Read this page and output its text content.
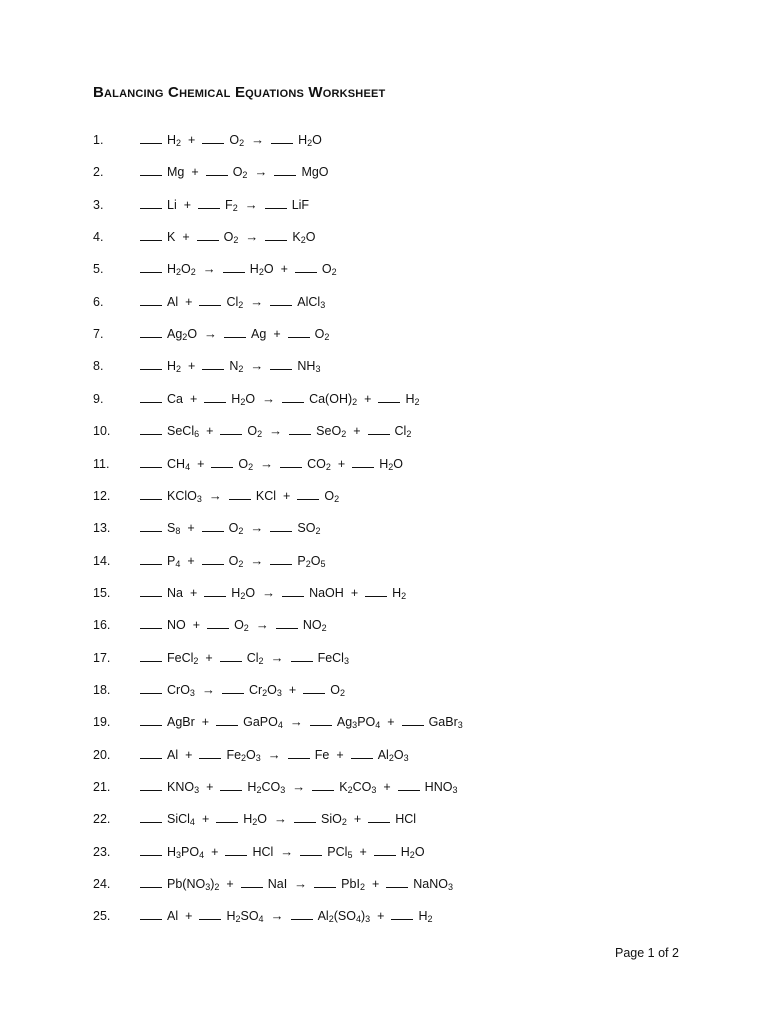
Balancing Chemical Equations Worksheet
1.	$H_2$ +	$O_2$ →	$H_2O$
2.	Mg +	$O_2$ →	MgO
3.	Li +	$F_2$ →	LiF
4.	K +	$O_2$ →	$K_2O$
5.	$H_2O_2$ →	$H_2O$ +	$O_2$
6.	Al +	$Cl_2$ →	AlCl$_3$
7.	$Ag_2O$ →	Ag +	$O_2$
8.	$H_2$ +	$N_2$ →	$NH_3$
9.	Ca +	$H_2O$ →	$Ca(OH)_2$ +	$H_2$
10.	SeCl$_6$ +	$O_2$ →	SeO$_2$ +	$Cl_2$
11.	$CH_4$ +	$O_2$ →	$CO_2$ +	$H_2O$
12.	KClO$_3$ →	KCl +	$O_2$
13.	$S_8$ +	$O_2$ →	$SO_2$
14.	$P_4$ +	$O_2$ →	$P_2O_5$
15.	Na +	$H_2O$ →	NaOH +	$H_2$
16.	NO +	$O_2$ →	$NO_2$
17.	FeCl$_2$ +	$Cl_2$ →	FeCl$_3$
18.	CrO$_3$ →	$Cr_2O_3$ +	$O_2$
19.	AgBr +	GaPO$_4$ →	$Ag_3PO_4$ +	GaBr$_3$
20.	Al +	$Fe_2O_3$ →	Fe +	$Al_2O_3$
21.	$KNO_3$ +	$H_2CO_3$ →	$K_2CO_3$ +	$HNO_3$
22.	SiCl$_4$ +	$H_2O$ →	SiO$_2$ +	HCl
23.	$H_3PO_4$ +	HCl →	PCl$_5$ +	$H_2O$
24.	$Pb(NO_3)_2$ +	NaI →	PbI$_2$ +	NaNO$_3$
25.	Al +	$H_2SO_4$ →	$Al_2(SO_4)_3$ +	$H_2$
Page 1 of 2
